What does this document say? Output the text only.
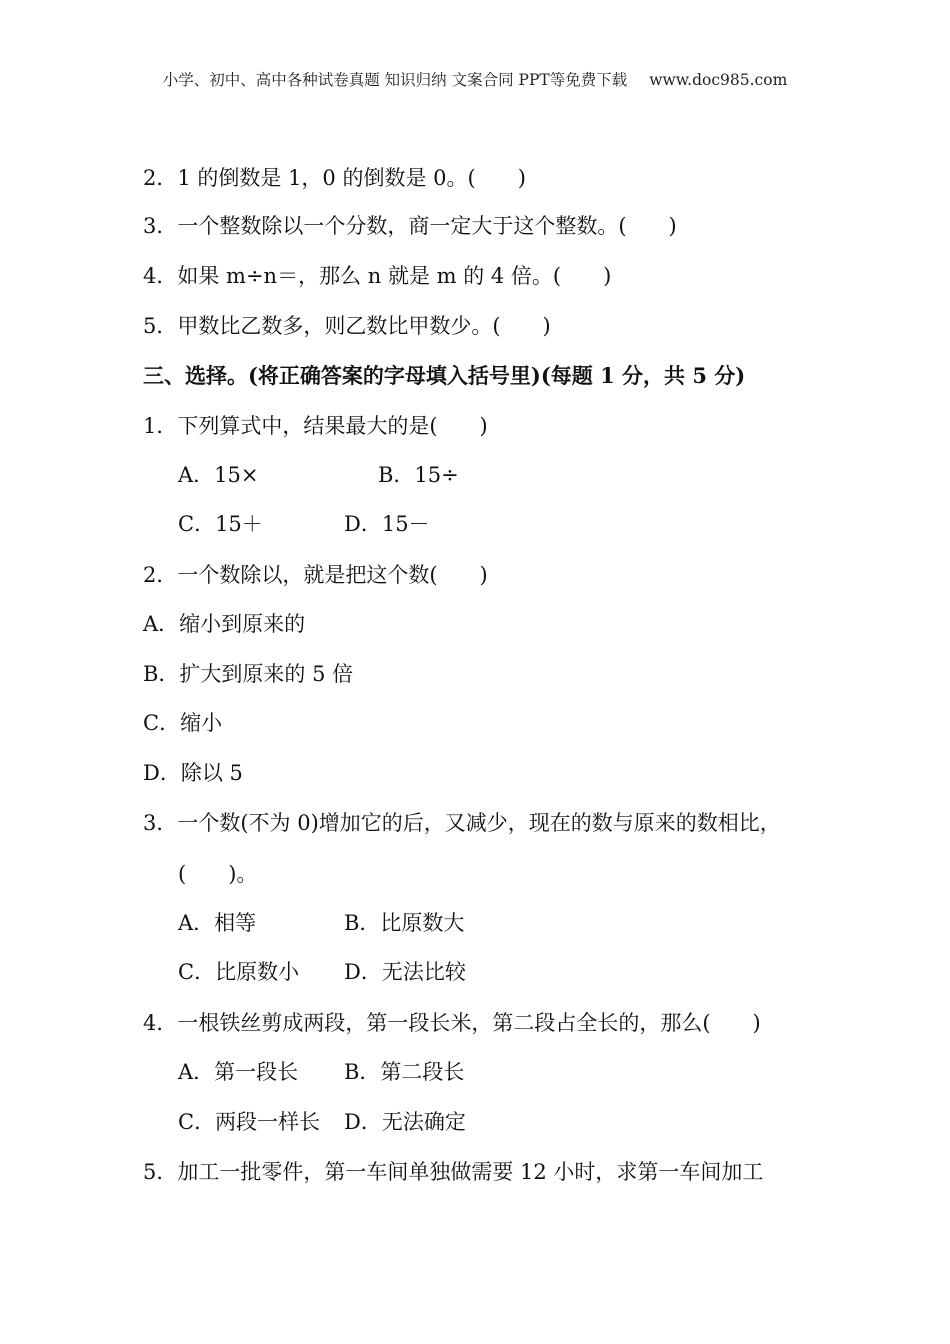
小学、初中、高中各种试卷真题 知识归纳 文案合同 PPT等免费下载 www.doc985.com
2．1 的倒数是 1，0 的倒数是 0。(　　)
3．一个整数除以一个分数，商一定大于这个整数。(　　)
4．如果 m÷n＝，那么 n 就是 m 的 4 倍。(　　)
5．甲数比乙数多，则乙数比甲数少。(　　)
三、选择。(将正确答案的字母填入括号里)(每题 1 分，共 5 分)
1．下列算式中，结果最大的是(　　)
A．15×	B．15÷
C．15＋	D．15－
2．一个数除以，就是把这个数(　　)
A．缩小到原来的
B．扩大到原来的 5 倍
C．缩小
D．除以 5
3．一个数(不为 0)增加它的后，又减少，现在的数与原来的数相比，
(　　)。
A．相等	B．比原数大
C．比原数小 D．无法比较
4．一根铁丝剪成两段，第一段长米，第二段占全长的，那么(　　)
A．第一段长 B．第二段长
C．两段一样长 D．无法确定
5．加工一批零件，第一车间单独做需要 12 小时，求第一车间加工
